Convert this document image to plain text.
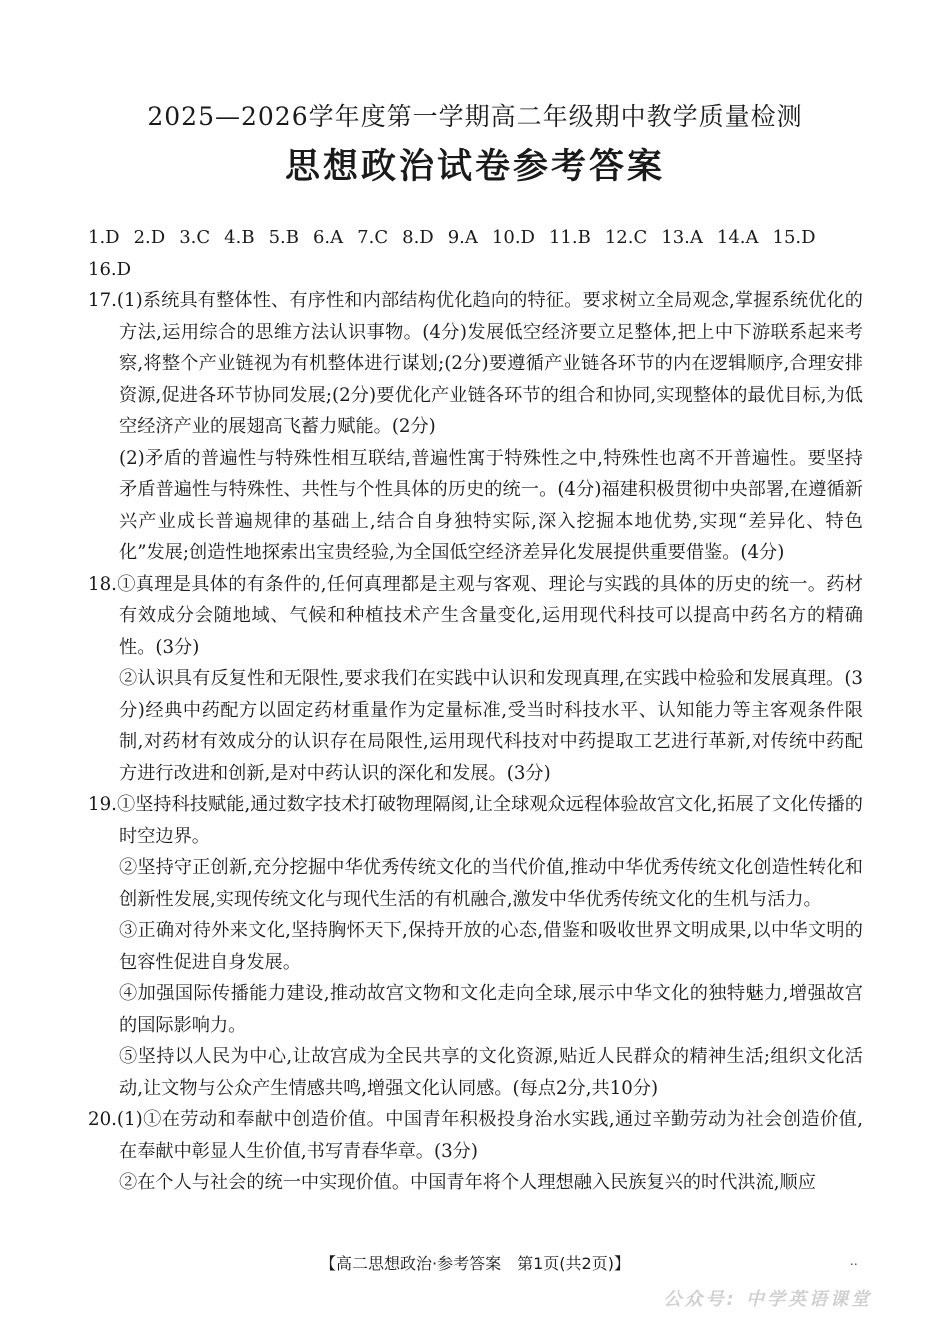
2025—2026学年度第一学期高二年级期中教学质量检测
思想政治试卷参考答案
1.D 2.D 3.C 4.B 5.B 6.A 7.C 8.D 9.A 10.D 11.B 12.C 13.A 14.A 15.D
16.D
17.(1)系统具有整体性、有序性和内部结构优化趋向的特征。要求树立全局观念,掌握系统优化的方法,运用综合的思维方法认识事物。(4分)发展低空经济要立足整体,把上中下游联系起来考察,将整个产业链视为有机整体进行谋划;(2分)要遵循产业链各环节的内在逻辑顺序,合理安排资源,促进各环节协同发展;(2分)要优化产业链各环节的组合和协同,实现整体的最优目标,为低空经济产业的展翅高飞蓄力赋能。(2分)
(2)矛盾的普遍性与特殊性相互联结,普遍性寓于特殊性之中,特殊性也离不开普遍性。要坚持矛盾普遍性与特殊性、共性与个性具体的历史的统一。(4分)福建积极贯彻中央部署,在遵循新兴产业成长普遍规律的基础上,结合自身独特实际,深入挖掘本地优势,实现“差异化、特色化”发展;创造性地探索出宝贵经验,为全国低空经济差异化发展提供重要借鉴。(4分)
18.①真理是具体的有条件的,任何真理都是主观与客观、理论与实践的具体的历史的统一。药材有效成分会随地域、气候和种植技术产生含量变化,运用现代科技可以提高中药名方的精确性。(3分)
②认识具有反复性和无限性,要求我们在实践中认识和发现真理,在实践中检验和发展真理。(3分)经典中药配方以固定药材重量作为定量标准,受当时科技水平、认知能力等主客观条件限制,对药材有效成分的认识存在局限性,运用现代科技对中药提取工艺进行革新,对传统中药配方进行改进和创新,是对中药认识的深化和发展。(3分)
19.①坚持科技赋能,通过数字技术打破物理隔阂,让全球观众远程体验故宫文化,拓展了文化传播的时空边界。
②坚持守正创新,充分挖掘中华优秀传统文化的当代价值,推动中华优秀传统文化创造性转化和创新性发展,实现传统文化与现代生活的有机融合,激发中华优秀传统文化的生机与活力。
③正确对待外来文化,坚持胸怀天下,保持开放的心态,借鉴和吸收世界文明成果,以中华文明的包容性促进自身发展。
④加强国际传播能力建设,推动故宫文物和文化走向全球,展示中华文化的独特魅力,增强故宫的国际影响力。
⑤坚持以人民为中心,让故宫成为全民共享的文化资源,贴近人民群众的精神生活;组织文化活动,让文物与公众产生情感共鸣,增强文化认同感。(每点2分,共10分)
20.(1)①在劳动和奉献中创造价值。中国青年积极投身治水实践,通过辛勤劳动为社会创造价值,在奉献中彰显人生价值,书写青春华章。(3分)
②在个人与社会的统一中实现价值。中国青年将个人理想融入民族复兴的时代洪流,顺应
【高二思想政治·参考答案　第1页(共2页)】	..
公众号: 中学英语课堂
